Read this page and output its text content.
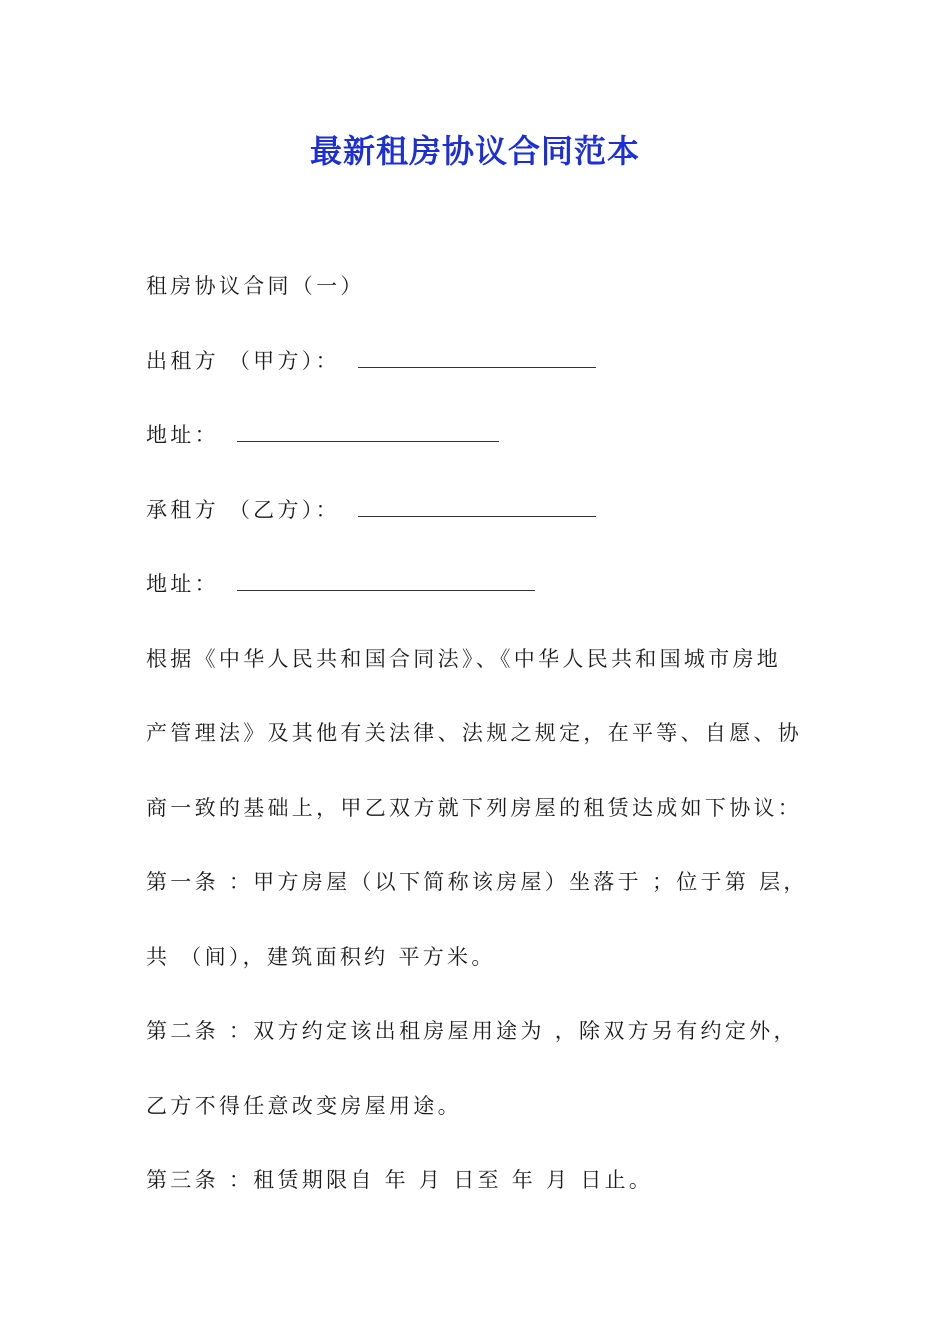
最新租房协议合同范本
租房协议合同（一）
出租方 （甲方）：
地址：
承租方 （乙方）：
地址：
根据《中华人民共和国合同法》、《中华人民共和国城市房地
产管理法》及其他有关法律、法规之规定，在平等、自愿、协
商一致的基础上，甲乙双方就下列房屋的租赁达成如下协议：
第一条 ：甲方房屋（以下简称该房屋）坐落于 ；位于第 层，
共 （间），建筑面积约 平方米。
第二条 ：双方约定该出租房屋用途为 ，除双方另有约定外，
乙方不得任意改变房屋用途。
第三条 ：租赁期限自 年 月 日至 年 月 日止。
